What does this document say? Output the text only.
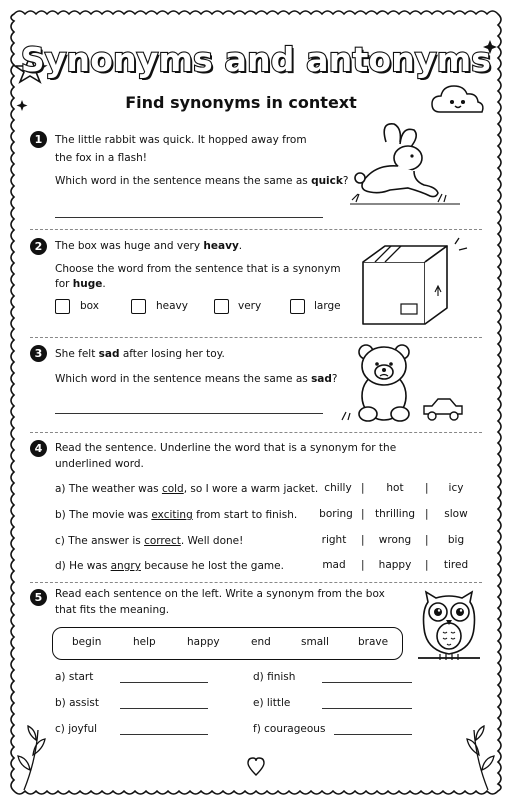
Synonyms and antonyms
Find synonyms in context
1	The little rabbit was quick. It hopped away from
the fox in a flash!
Which word in the sentence means the same as quick?
2	The box was huge and very heavy.
Choose the word from the sentence that is a synonym
for huge.
box	heavy	very	large
3	She felt sad after losing her toy.
Which word in the sentence means the same as sad?
4	Read the sentence. Underline the word that is a synonym for the
underlined word.
a) The weather was cold, so I wore a warm jacket. chilly |	hot	|	icy
b) The movie was exciting from start to finish.	boring | thrilling |	slow
c) The answer is correct. Well done!	right	|	wrong	|	big
d) He was angry because he lost the game.	mad	|	happy	|	tired
5	Read each sentence on the left. Write a synonym from the box
that fits the meaning.
begin	help	happy	end	small	brave
a) start
b) assist
c) joyful
d) finish
e) little
f) courageous
